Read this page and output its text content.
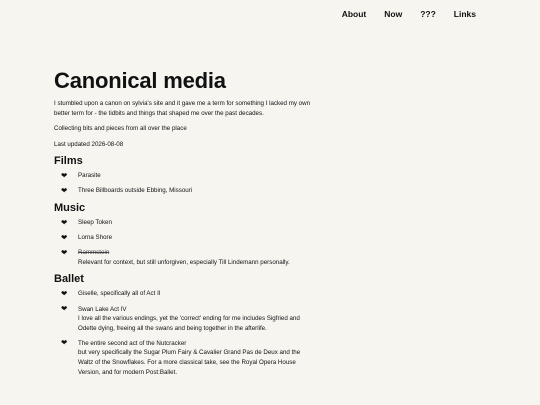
About Now ??? Links
Canonical media

I stumbled upon a canon on sylvia's site and it gave me a term for something I lacked my own better term for - the tidbits and things that shaped me over the past decades.

Collecting bits and pieces from all over the place

Last updated 2026-08-08

Films
❤ Parasite
❤ Three Billboards outside Ebbing, Missouri
Music
❤ Sleep Token
❤ Lorna Shore
❤ Rammstein
Relevant for context, but still unforgiven, especially Till Lindemann personally.
Ballet
❤ Giselle, specifically all of Act II
❤ Swan Lake Act IV
I love all the various endings, yet the 'correct' ending for me includes Sigfried and Odette dying, freeing all the swans and being together in the afterlife.
❤ The entire second act of the Nutcracker
but very specifically the Sugar Plum Fairy & Cavalier Grand Pas de Deux and the Waltz of the Snowflakes. For a more classical take, see the Royal Opera House Version, and for modern Post:Ballet.
